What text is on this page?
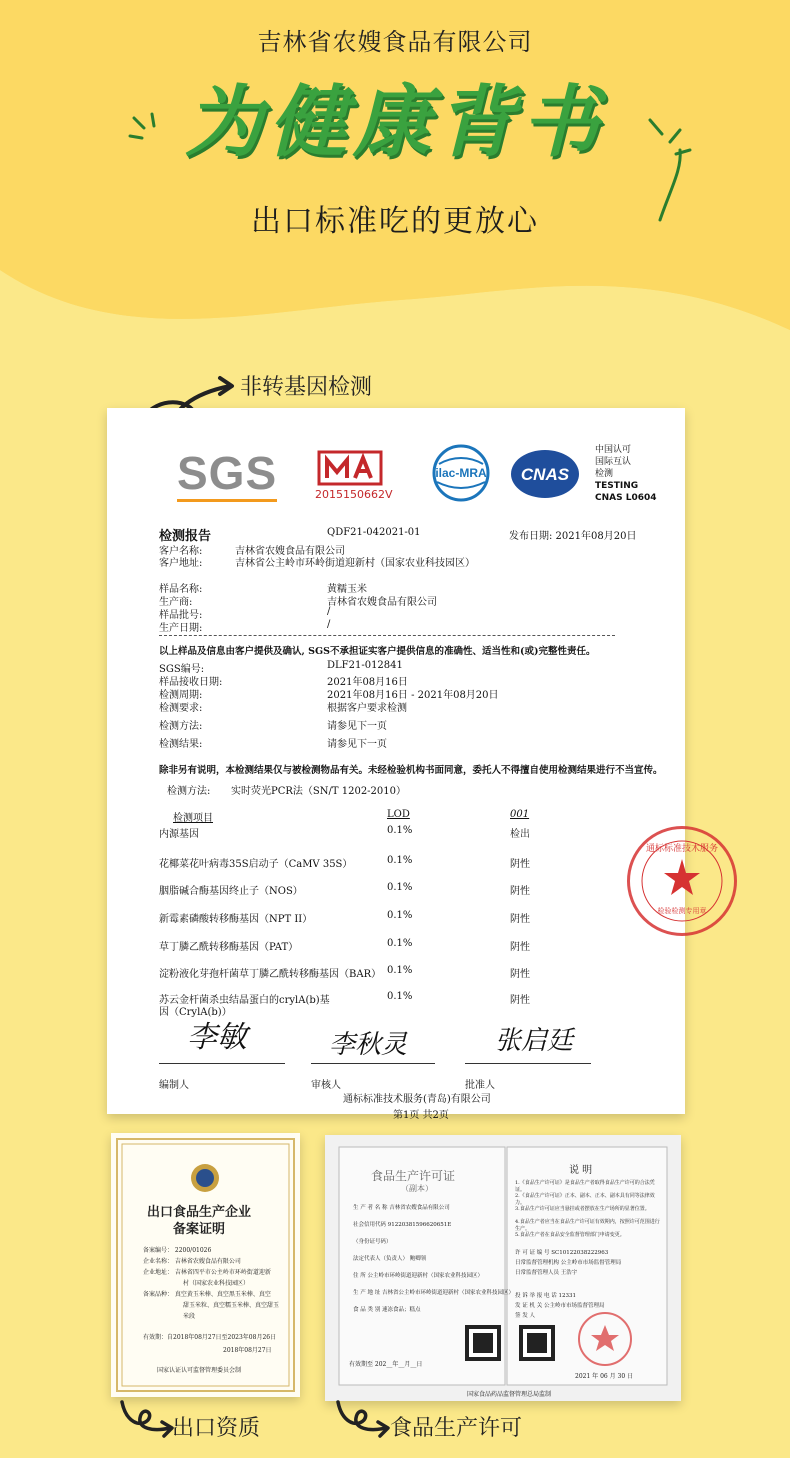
吉林省农嫂食品有限公司
为健康背书
出口标准吃的更放心
非转基因检测
SGS	2015150662V
ilac-MRA CNAS
中国认可
国际互认
检测
TESTING
CNAS L0604
检测报告	QDF21-042021-01	发布日期: 2021年08月20日
客户名称:	吉林省农嫂食品有限公司
客户地址:	吉林省公主岭市环岭街道迎新村（国家农业科技园区）
样品名称:	黄糯玉米
生产商:	吉林省农嫂食品有限公司
样品批号:	/
生产日期:	/
以上样品及信息由客户提供及确认, SGS不承担证实客户提供信息的准确性、适当性和(或)完整性责任。
SGS编号:	DLF21-012841
样品接收日期:	2021年08月16日
检测周期:	2021年08月16日 - 2021年08月20日
检测要求:	根据客户要求检测
检测方法:	请参见下一页
检测结果:	请参见下一页
除非另有说明，本检测结果仅与被检测物品有关。未经检验机构书面同意，委托人不得擅自使用检测结果进行不当宣传。
检测方法: 实时荧光PCR法（SN/T 1202-2010）
检测项目	LOD	001
内源基因	0.1%	检出
花椰菜花叶病毒35S启动子（CaMV 35S）	0.1%	阴性
胭脂碱合酶基因终止子（NOS）	0.1%	阴性
新霉素磷酸转移酶基因（NPT II）	0.1%	阴性
草丁膦乙酰转移酶基因（PAT）	0.1%	阴性
淀粉液化芽孢杆菌草丁膦乙酰转移酶基因（BAR） 0.1%	阴性
苏云金杆菌杀虫结晶蛋白的crylA(b)基
因（CrylA(b)）
0.1%	阴性
李敏	李秋灵	张启廷
编制人	审核人	批准人
通标标准技术服务(青岛)有限公司
第1页 共2页
通标标准技术服务
检验检测专用章
出口食品生产企业
备案证明
备案编号： 2200/01026
企业名称： 吉林省农嫂食品有限公司
企业地址： 吉林省四平市公主岭市环岭街道迎新
村（国家农业科技园区）
备案品种： 真空黄玉米棒、真空黑玉米棒、真空
甜玉米粒、真空糯玉米棒、真空甜玉
米段
有效期：自2018年08月27日至2023年08月26日
2018年08月27日
国家认证认可监督管理委员会制
食品生产许可证
（副本）
生 产 者 名 称 吉林省农嫂食品有限公司
社会信用代码 91220381596620651E
（身份证号码）
法定代表人（负责人） 鲍卿领
住 所 公主岭市环岭街道迎新村（国家农业科技园区）
生 产 地 址 吉林省公主岭市环岭街道迎新村（国家农业科技园区）
食 品 类 别 速冻食品；糕点
有效期至 202__年__月__日
说 明
1.《食品生产许可证》是食品生产者取得食品生产许可的合法凭证。
2.《食品生产许可证》正本、副本、正本、副本具有同等法律效力。
3.食品生产许可证应当悬挂或者摆放在生产场所的显著位置。
4.食品生产者应当在食品生产许可证有效期内，按照许可范围进行生产。
5.食品生产者在食品安全监督管理部门申请变更。
许 可 证 编 号 SC10122038222963
日常监督管理机构 公主岭市市场监督管理局
日常监督管理人员 王浩宇
投 诉 举 报 电 话 12331
发 证 机 关 公主岭市市场监督管理局
签 发 人
2021 年 06 月 30 日
国家食品药品监督管理总局监制
出口资质	食品生产许可
